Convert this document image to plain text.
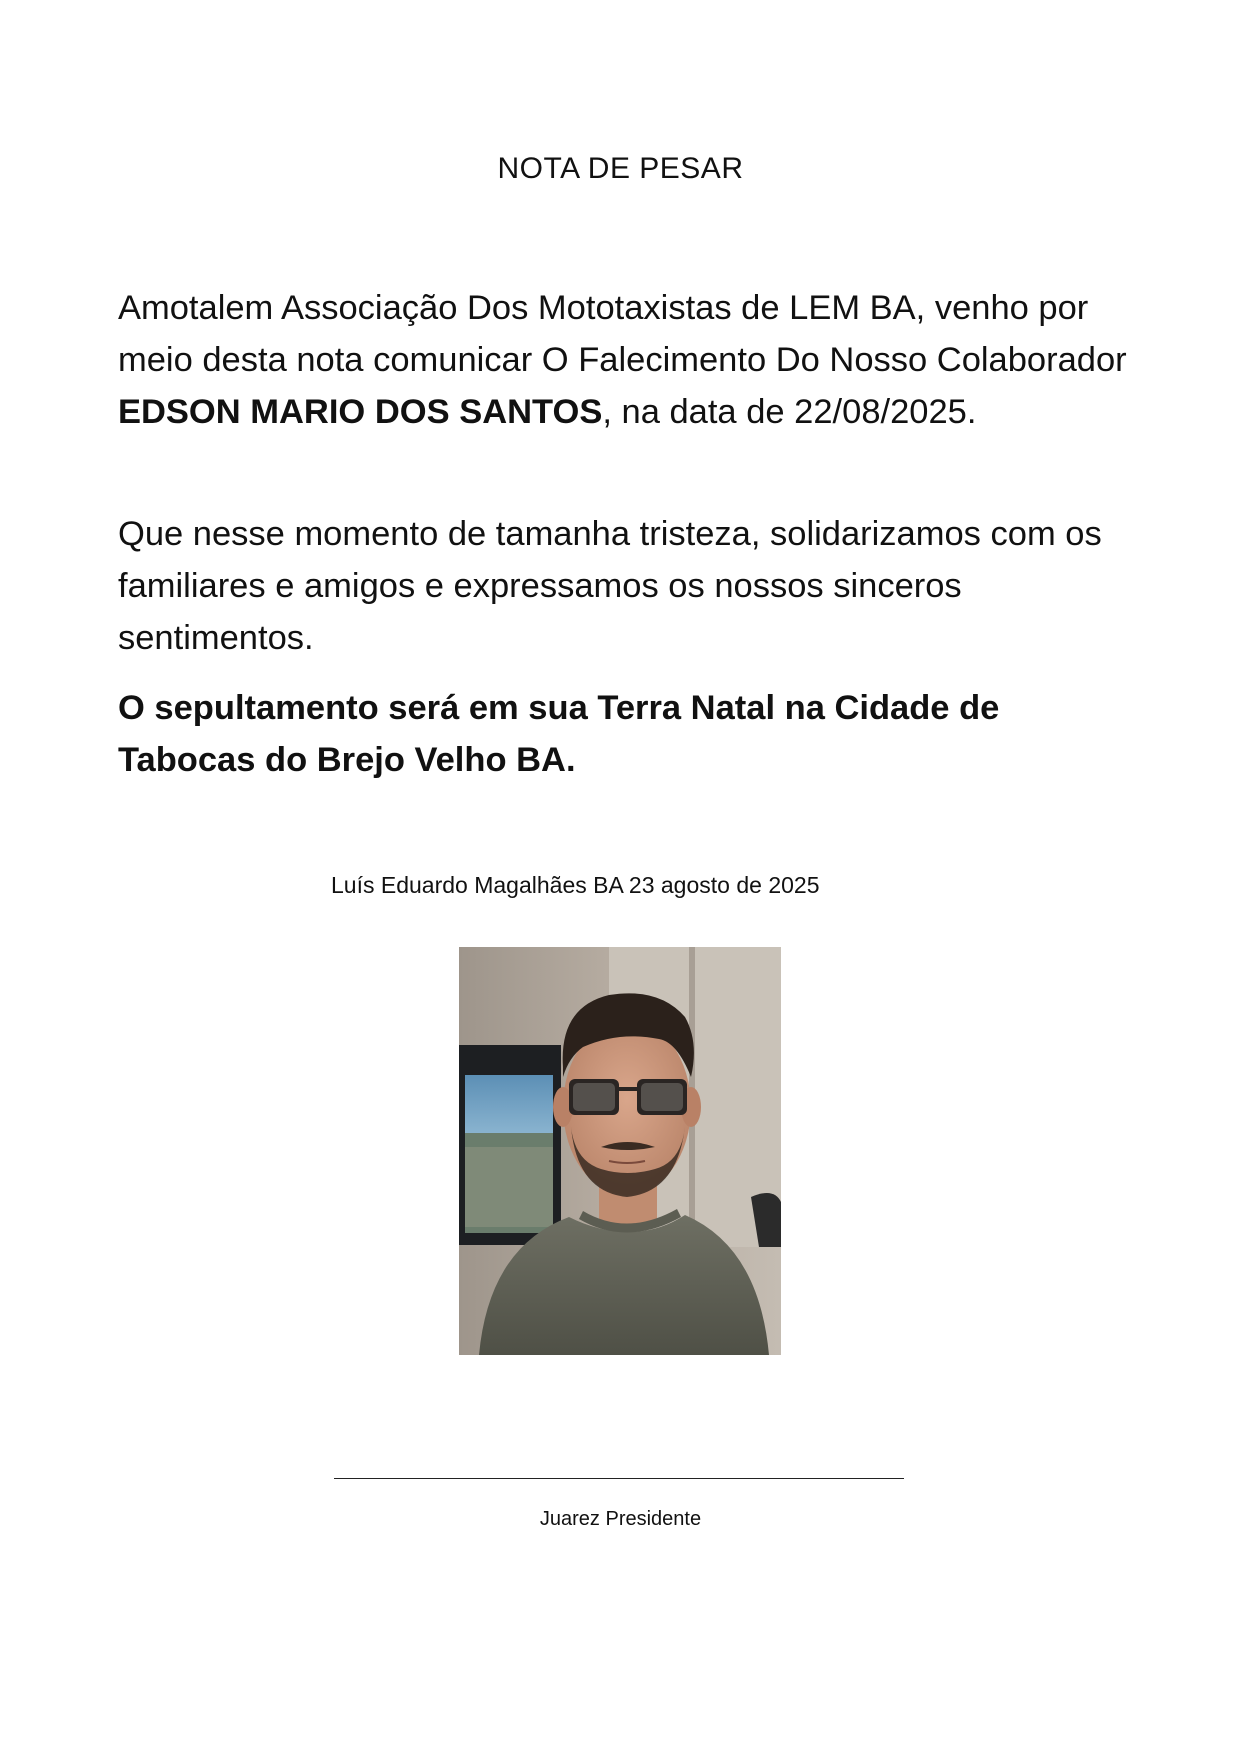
NOTA DE PESAR
Amotalem Associação Dos Mototaxistas de LEM BA, venho por meio desta nota comunicar O Falecimento Do Nosso Colaborador EDSON MARIO DOS SANTOS, na data de 22/08/2025.
Que nesse momento de tamanha tristeza, solidarizamos com os familiares e amigos e expressamos os nossos sinceros sentimentos.
O sepultamento será em sua Terra Natal na Cidade de Tabocas do Brejo Velho BA.
Luís Eduardo Magalhães BA 23 agosto de 2025
Juarez Presidente
